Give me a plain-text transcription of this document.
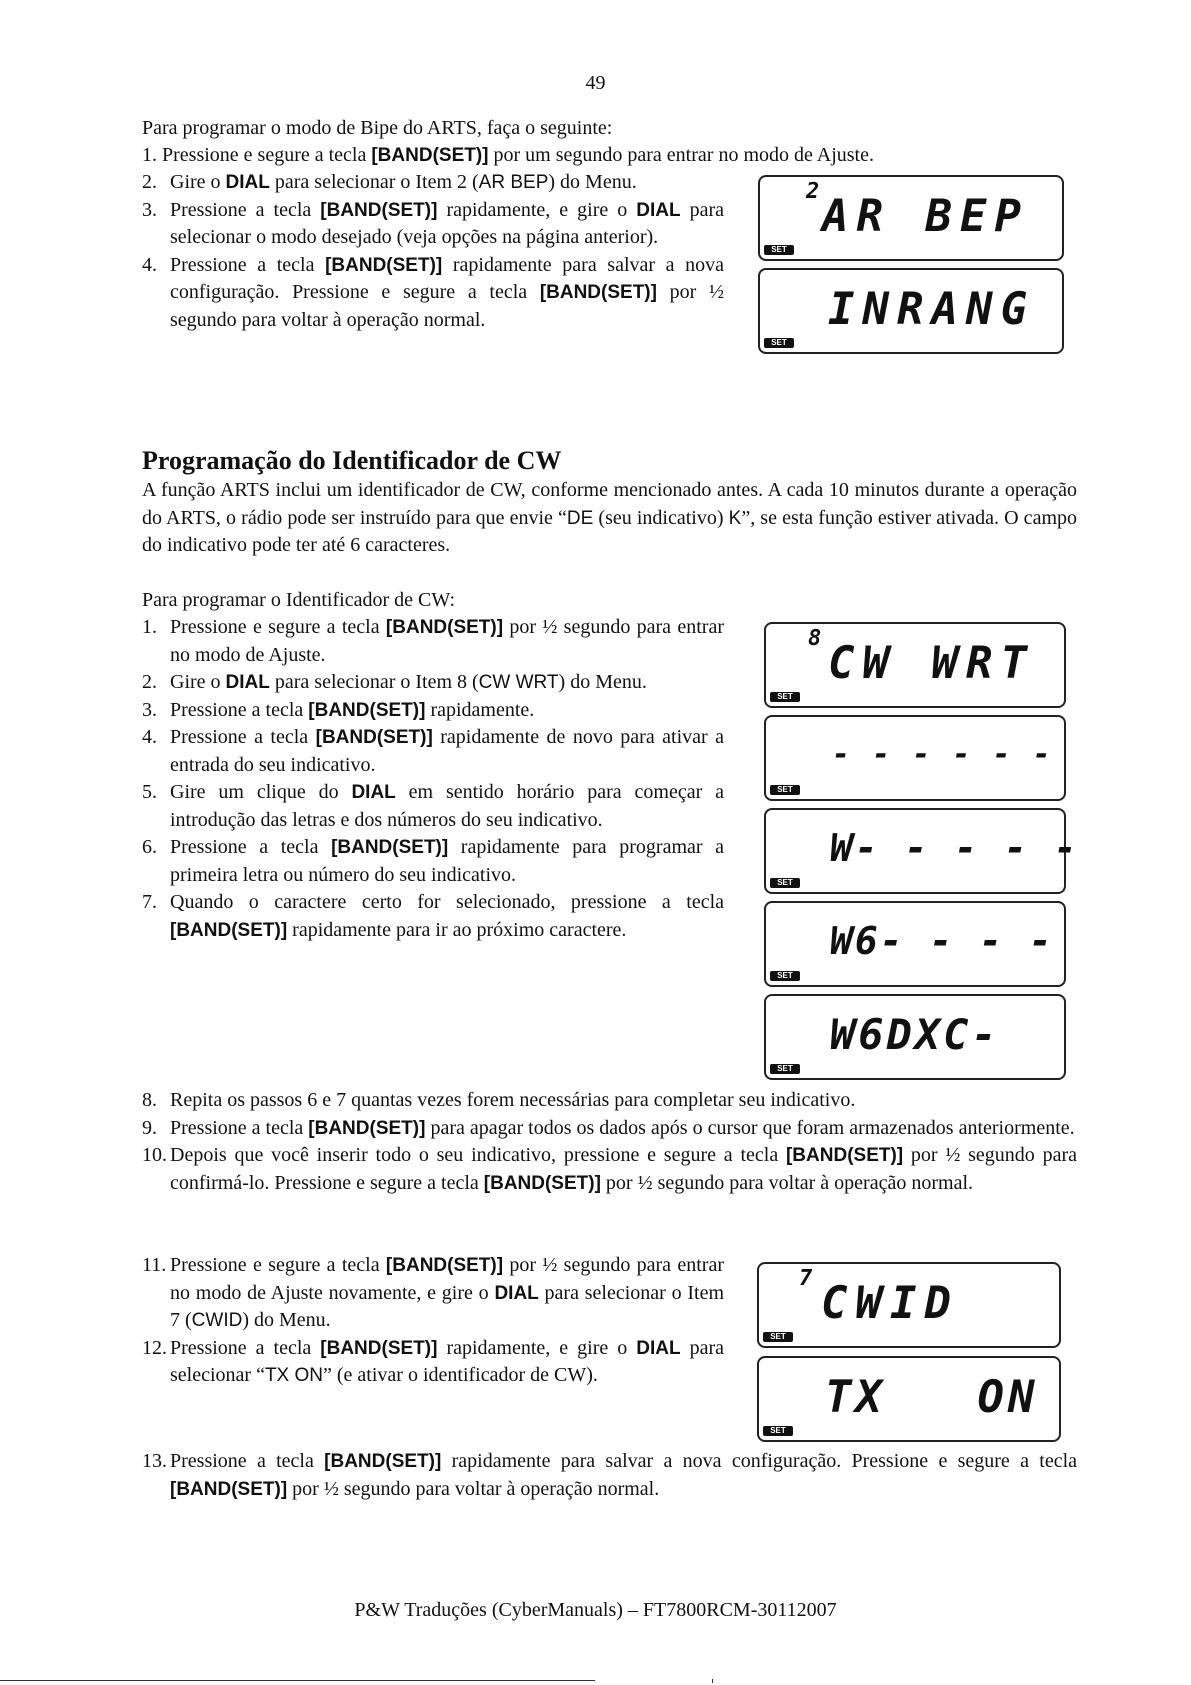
49
Para programar o modo de Bipe do ARTS, faça o seguinte:
1. Pressione e segure a tecla [BAND(SET)] por um segundo para entrar no modo de Ajuste.
2. Gire o DIAL para selecionar o Item 2 (AR BEP) do Menu.
3. Pressione a tecla [BAND(SET)] rapidamente, e gire o DIAL para selecionar o modo desejado (veja opções na página anterior).
4. Pressione a tecla [BAND(SET)] rapidamente para salvar a nova configuração. Pressione e segure a tecla [BAND(SET)] por ½ segundo para voltar à operação normal.
2 AR BEP
SET
INRANG
SET
Programação do Identificador de CW
A função ARTS inclui um identificador de CW, conforme mencionado antes. A cada 10 minutos durante a operação do ARTS, o rádio pode ser instruído para que envie “DE (seu indicativo) K”, se esta função estiver ativada. O campo do indicativo pode ter até 6 caracteres.
Para programar o Identificador de CW:
1. Pressione e segure a tecla [BAND(SET)] por ½ segundo para entrar no modo de Ajuste.
2. Gire o DIAL para selecionar o Item 8 (CW WRT) do Menu.
3. Pressione a tecla [BAND(SET)] rapidamente.
4. Pressione a tecla [BAND(SET)] rapidamente de novo para ativar a entrada do seu indicativo.
5. Gire um clique do DIAL em sentido horário para começar a introdução das letras e dos números do seu indicativo.
6. Pressione a tecla [BAND(SET)] rapidamente para programar a primeira letra ou número do seu indicativo.
7. Quando o caractere certo for selecionado, pressione a tecla [BAND(SET)] rapidamente para ir ao próximo caractere.
8 CW WRT
SET
- - - - - -
SET
W- - - - -
SET
W6- - - -
SET
W6DXC-
SET
8. Repita os passos 6 e 7 quantas vezes forem necessárias para completar seu indicativo.
9. Pressione a tecla [BAND(SET)] para apagar todos os dados após o cursor que foram armazenados anteriormente.
10. Depois que você inserir todo o seu indicativo, pressione e segure a tecla [BAND(SET)] por ½ segundo para confirmá-lo. Pressione e segure a tecla [BAND(SET)] por ½ segundo para voltar à operação normal.
11. Pressione e segure a tecla [BAND(SET)] por ½ segundo para entrar no modo de Ajuste novamente, e gire o DIAL para selecionar o Item 7 (CWID) do Menu.
12. Pressione a tecla [BAND(SET)] rapidamente, e gire o DIAL para selecionar “TX ON” (e ativar o identificador de CW).
7 CWID
SET
TX   ON
SET
13. Pressione a tecla [BAND(SET)] rapidamente para salvar a nova configuração. Pressione e segure a tecla [BAND(SET)] por ½ segundo para voltar à operação normal.
P&W Traduções (CyberManuals) – FT7800RCM-30112007
